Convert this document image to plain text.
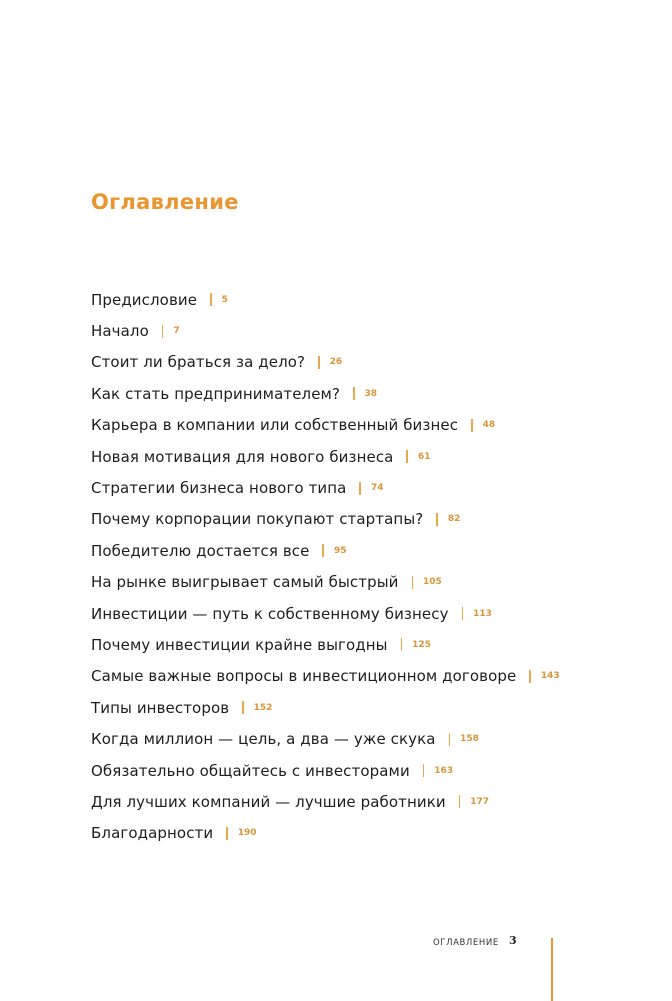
Оглавление
Предисловие	5
Начало	7
Стоит ли браться за дело?	26
Как стать предпринимателем?	38
Карьера в компании или собственный бизнес	48
Новая мотивация для нового бизнеса	61
Стратегии бизнеса нового типа	74
Почему корпорации покупают стартапы?	82
Победителю достается все	95
На рынке выигрывает самый быстрый	105
Инвестиции — путь к собственному бизнесу	113
Почему инвестиции крайне выгодны	125
Самые важные вопросы в инвестиционном договоре	143
Типы инвесторов	152
Когда миллион — цель, а два — уже скука	158
Обязательно общайтесь с инвесторами	163
Для лучших компаний — лучшие работники	177
Благодарности	190
ОГЛАВЛЕНИЕ 3
